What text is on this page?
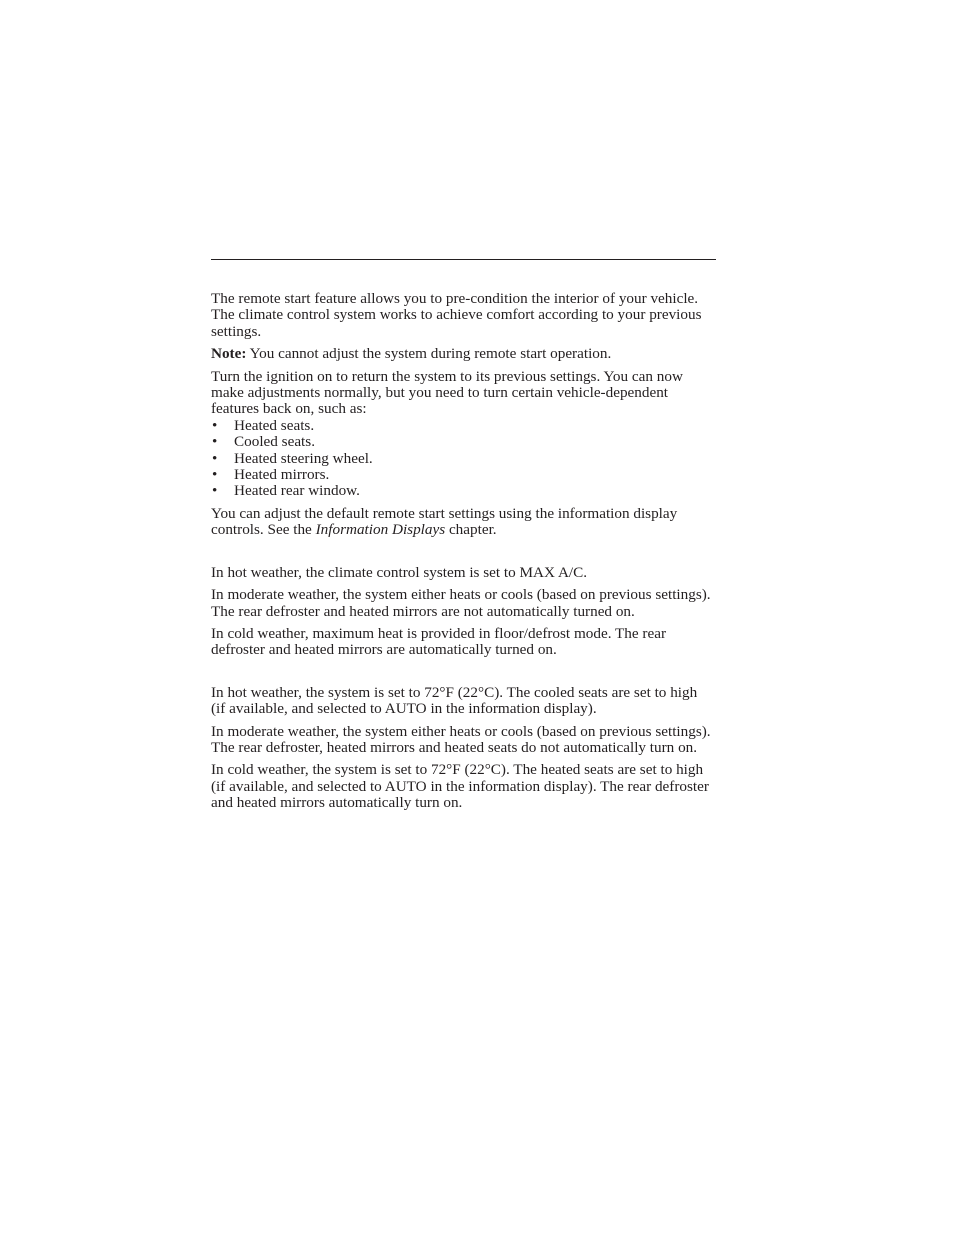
The remote start feature allows you to pre-condition the interior of your vehicle. The climate control system works to achieve comfort according to your previous settings.

Note: You cannot adjust the system during remote start operation.

Turn the ignition on to return the system to its previous settings. You can now make adjustments normally, but you need to turn certain vehicle-dependent features back on, such as:

• Heated seats.
• Cooled seats.
• Heated steering wheel.
• Heated mirrors.
• Heated rear window.

You can adjust the default remote start settings using the information display controls. See the Information Displays chapter.

In hot weather, the climate control system is set to MAX A/C.

In moderate weather, the system either heats or cools (based on previous settings). The rear defroster and heated mirrors are not automatically turned on.

In cold weather, maximum heat is provided in floor/defrost mode. The rear defroster and heated mirrors are automatically turned on.

In hot weather, the system is set to 72°F (22°C). The cooled seats are set to high (if available, and selected to AUTO in the information display).

In moderate weather, the system either heats or cools (based on previous settings). The rear defroster, heated mirrors and heated seats do not automatically turn on.

In cold weather, the system is set to 72°F (22°C). The heated seats are set to high (if available, and selected to AUTO in the information display). The rear defroster and heated mirrors automatically turn on.
